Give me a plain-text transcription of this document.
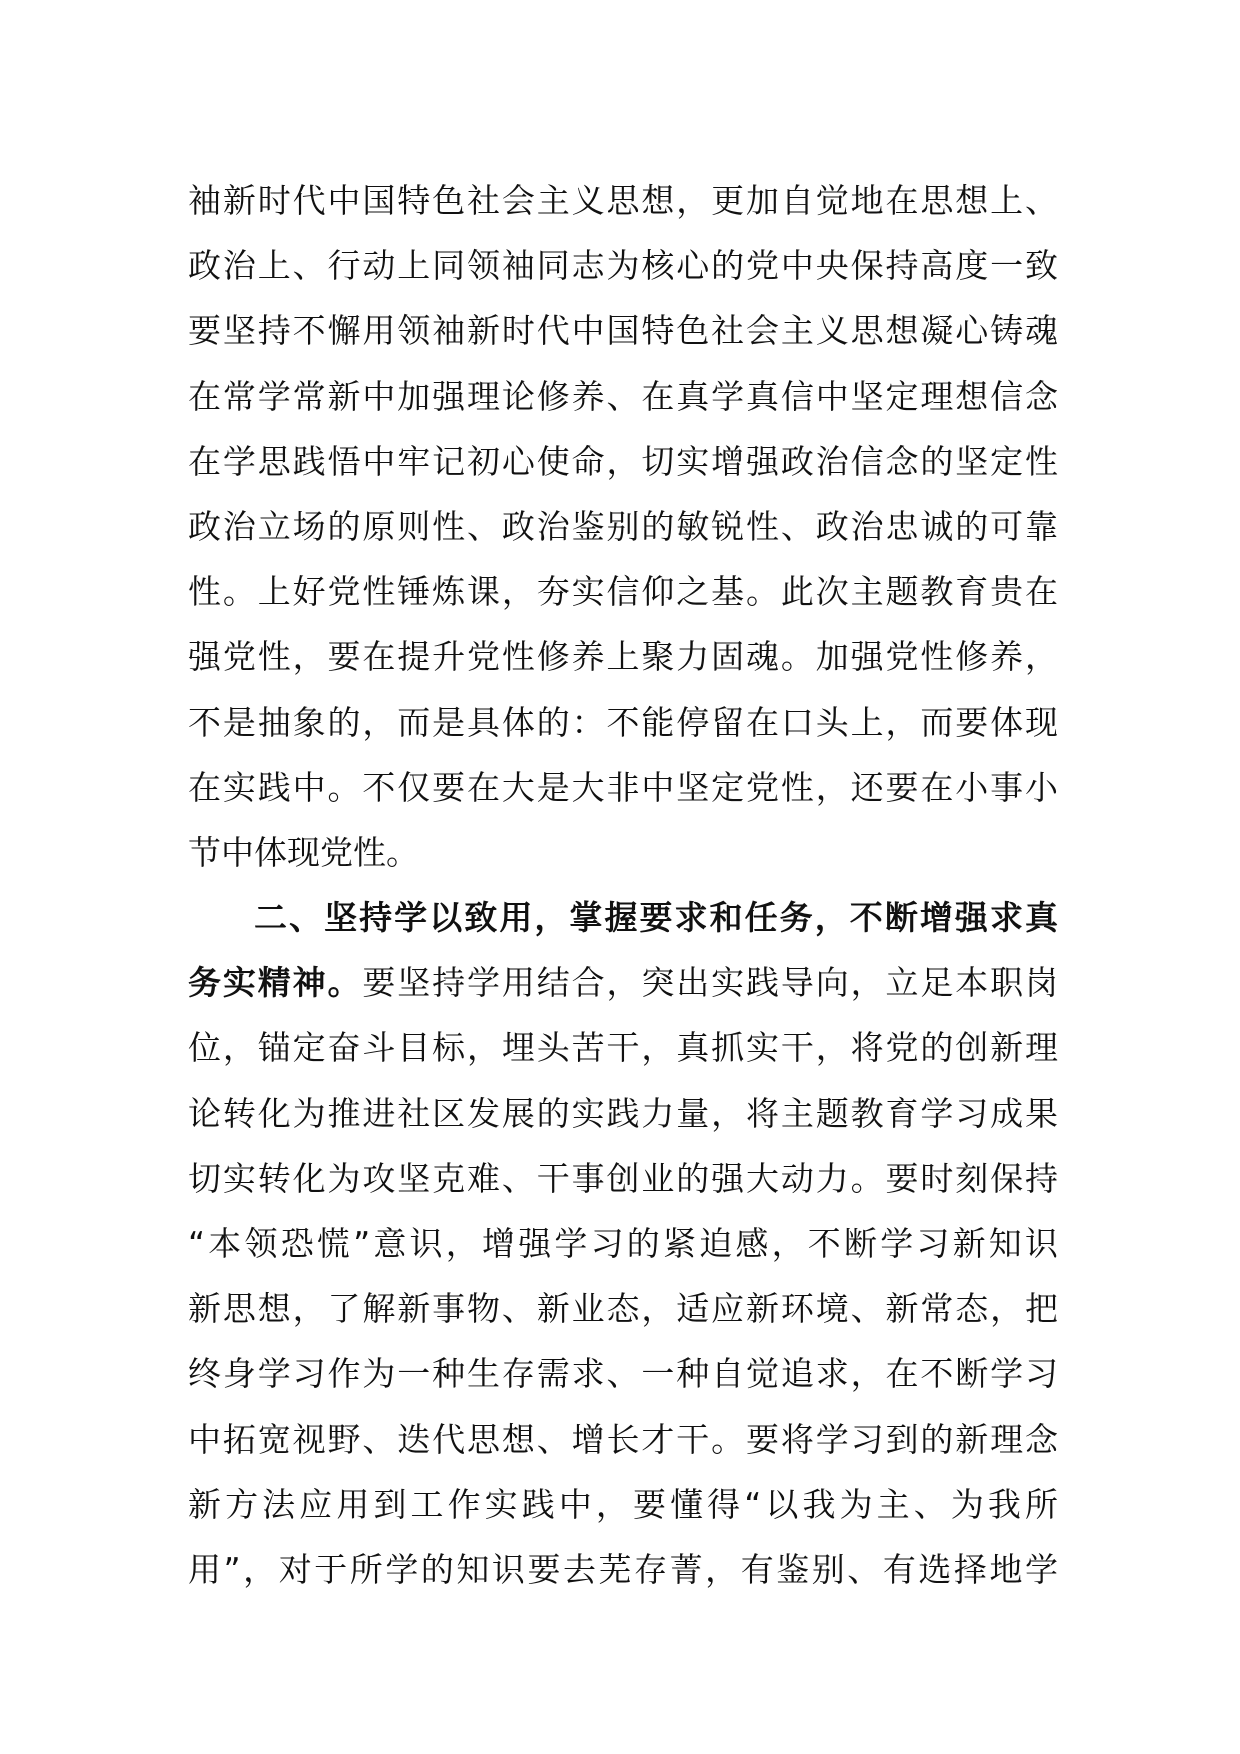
袖新时代中国特色社会主义思想，更加自觉地在思想上、
政治上、行动上同领袖同志为核心的党中央保持高度一致
要坚持不懈用领袖新时代中国特色社会主义思想凝心铸魂
在常学常新中加强理论修养、在真学真信中坚定理想信念
在学思践悟中牢记初心使命，切实增强政治信念的坚定性
政治立场的原则性、政治鉴别的敏锐性、政治忠诚的可靠
性。上好党性锤炼课，夯实信仰之基。此次主题教育贵在
强党性，要在提升党性修养上聚力固魂。加强党性修养，
不是抽象的，而是具体的：不能停留在口头上，而要体现
在实践中。不仅要在大是大非中坚定党性，还要在小事小
节中体现党性。
二、坚持学以致用，掌握要求和任务，不断增强求真
务实精神。要坚持学用结合，突出实践导向，立足本职岗
位，锚定奋斗目标，埋头苦干，真抓实干，将党的创新理
论转化为推进社区发展的实践力量，将主题教育学习成果
切实转化为攻坚克难、干事创业的强大动力。要时刻保持
“本领恐慌”意识，增强学习的紧迫感，不断学习新知识
新思想，了解新事物、新业态，适应新环境、新常态，把
终身学习作为一种生存需求、一种自觉追求，在不断学习
中拓宽视野、迭代思想、增长才干。要将学习到的新理念
新方法应用到工作实践中，要懂得“以我为主、为我所
用”，对于所学的知识要去芜存菁，有鉴别、有选择地学
